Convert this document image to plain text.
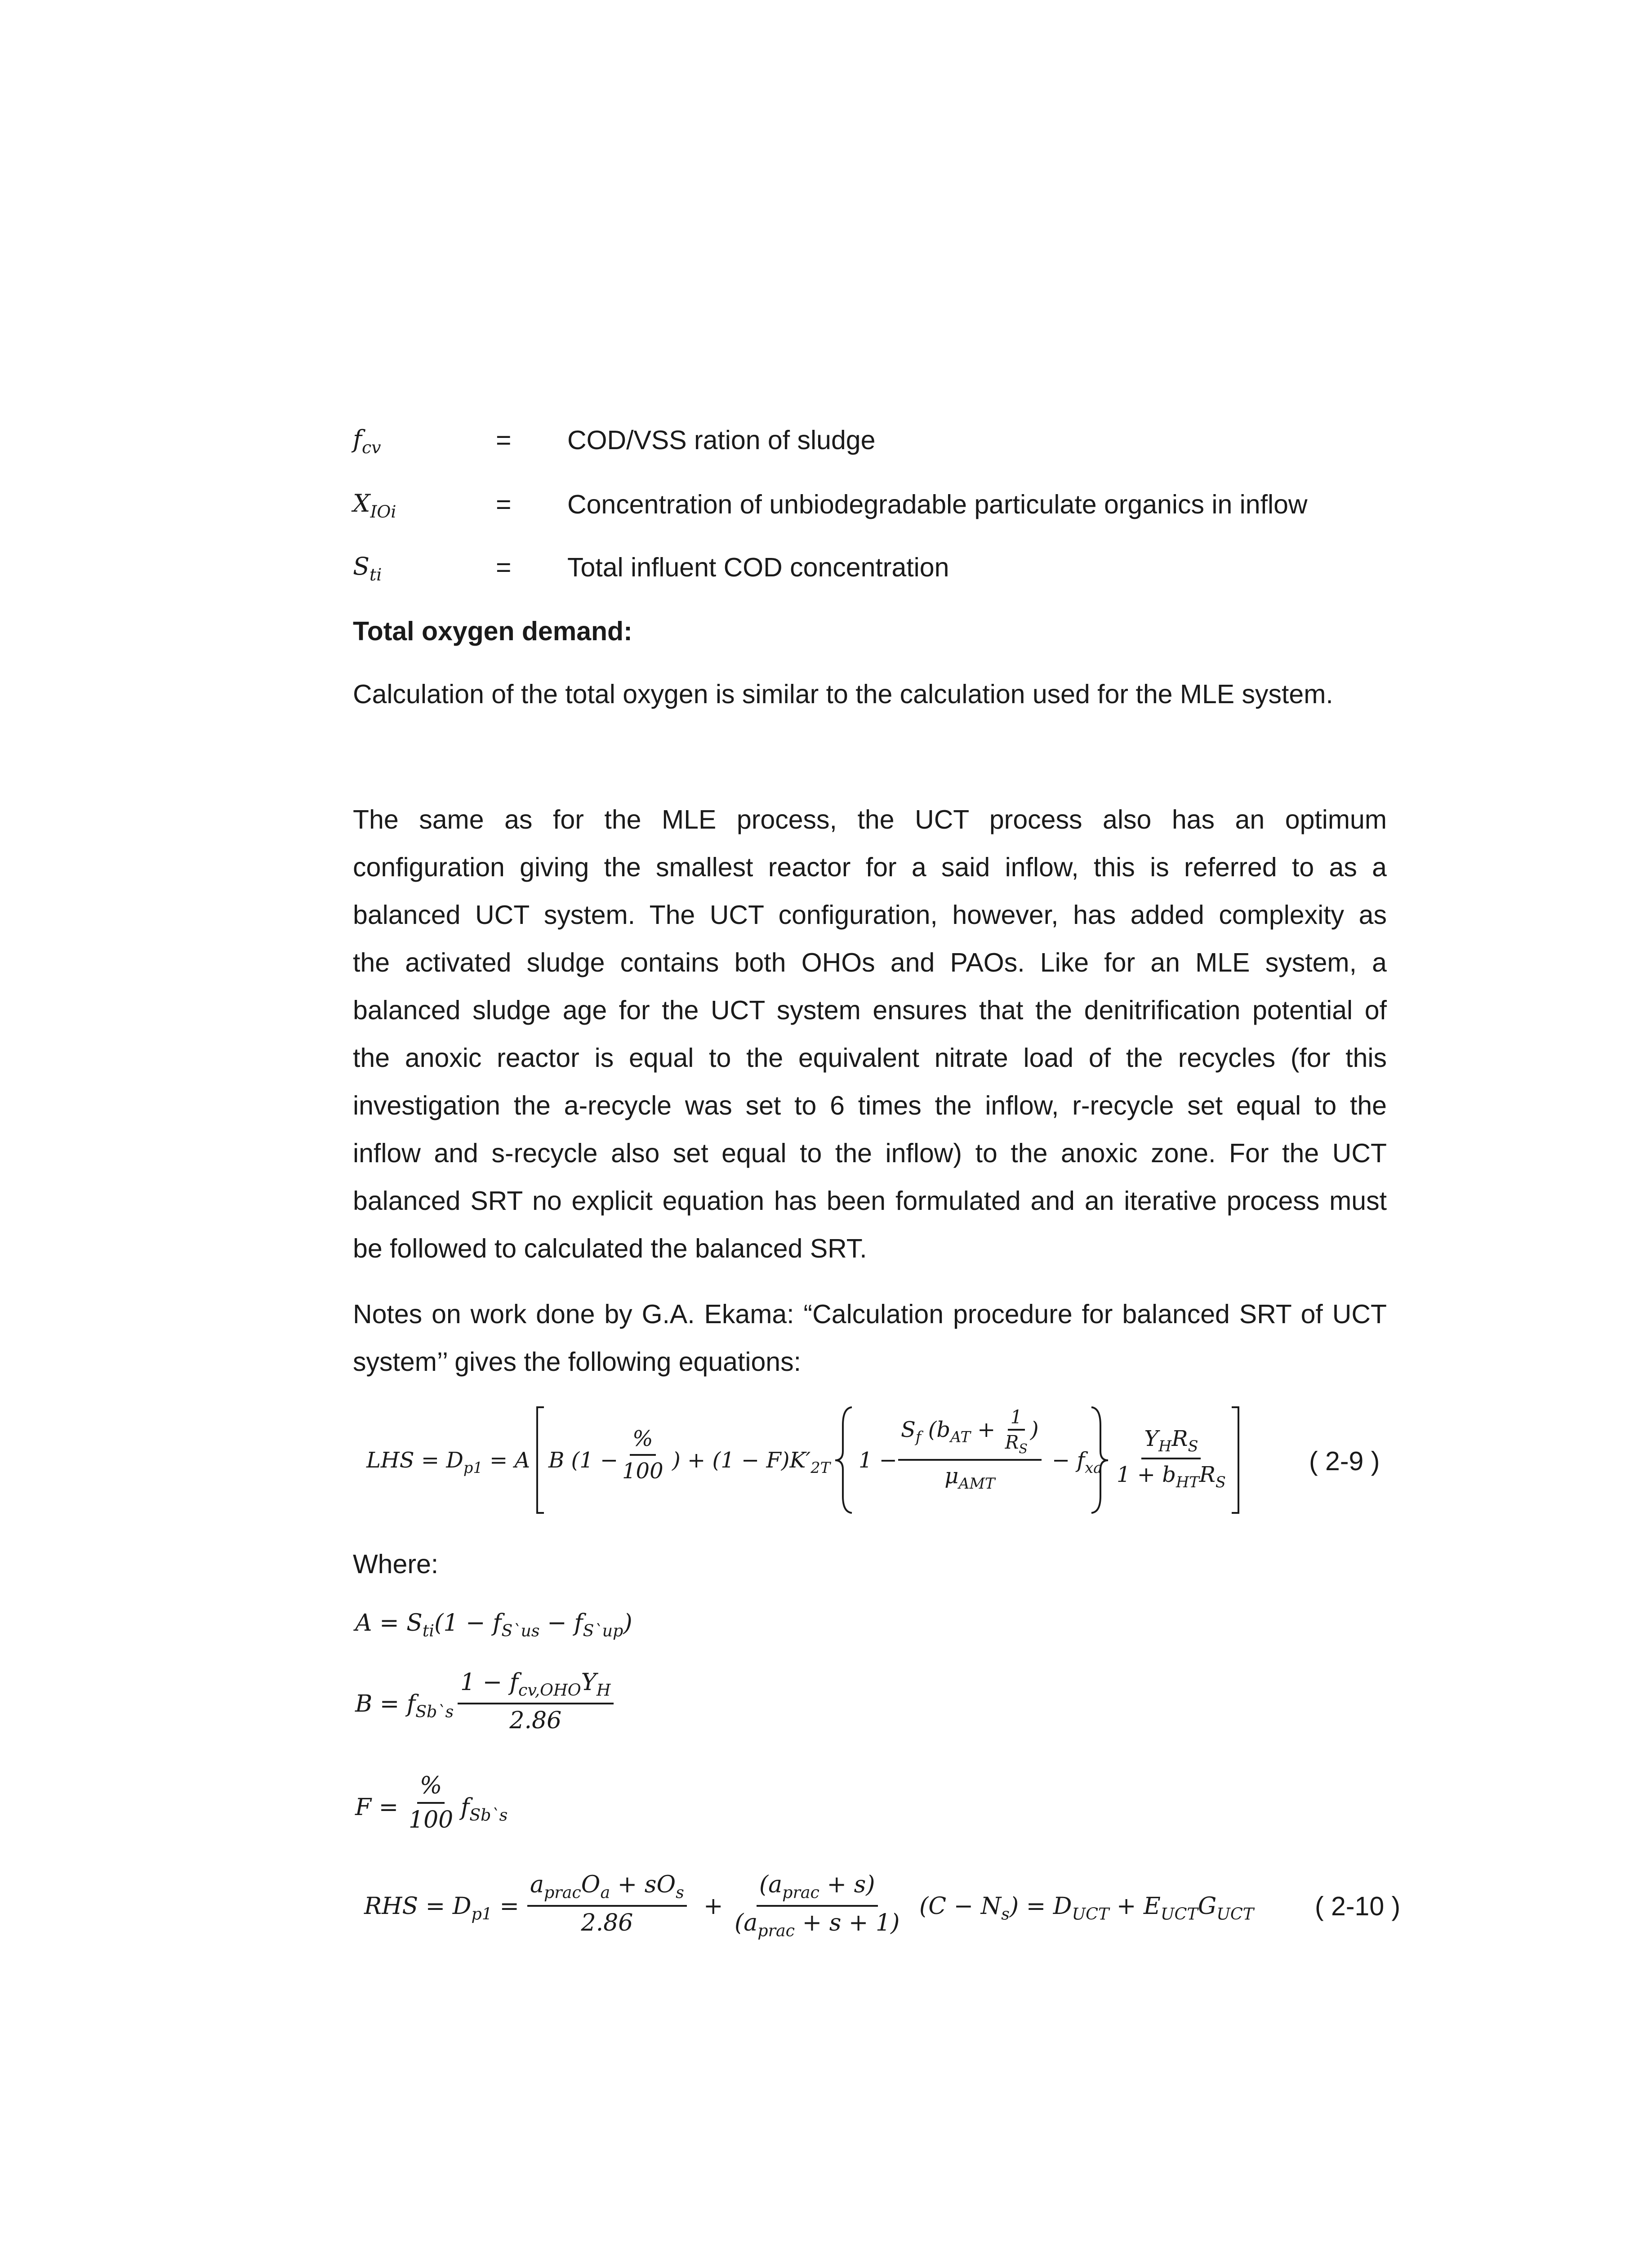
$f_{cv}$	= COD/VSS ration of sludge
$X_{IOi}$	= Concentration of unbiodegradable particulate organics in inflow
$S_{ti}$	= Total influent COD concentration
Total oxygen demand:
Calculation of the total oxygen is similar to the calculation used for the MLE system.
The same as for the MLE process, the UCT process also has an optimum
configuration giving the smallest reactor for a said inflow, this is referred to as a
balanced UCT system. The UCT configuration, however, has added complexity as
the activated sludge contains both OHOs and PAOs. Like for an MLE system, a
balanced sludge age for the UCT system ensures that the denitrification potential of
the anoxic reactor is equal to the equivalent nitrate load of the recycles (for this
investigation the a-recycle was set to 6 times the inflow, r-recycle set equal to the
inflow and s-recycle also set equal to the inflow) to the anoxic zone. For the UCT
balanced SRT no explicit equation has been formulated and an iterative process must
be followed to calculated the balanced SRT.
Notes on work done by G.A. Ekama: “Calculation procedure for balanced SRT of UCT
system’’ gives the following equations:
LHS = $D_{p1} = A$ B ($1 - \frac{\%}{100}$ ) + $(1 - F)K'_{2T}$ $1 - \frac{S_f (b_{AT} + \frac{1}{R_S} )}{\mu_{AMT}} - f_{xa} \frac{Y_HR_S}{1 + b_{HT}R_S}$	( 2-9 )
Where:
$A = S_{ti}(1 - f_{S`us} - f_{S`up})$
$B = f_{Sb`s} \frac{1 - f_{cv,OHO}Y_H}{2.86}$
$F = \frac{\%}{100} f_{Sb`s}$
RHS = $D_{p1} = \frac{a_{prac}O_a + sO_s}{2.86} + \frac{(a_{prac} + s)}{(a_{prac} + s + 1)} (C - N_s) = D_{UCT} + E_{UCT}G_{UCT}$ ( 2-10 )
